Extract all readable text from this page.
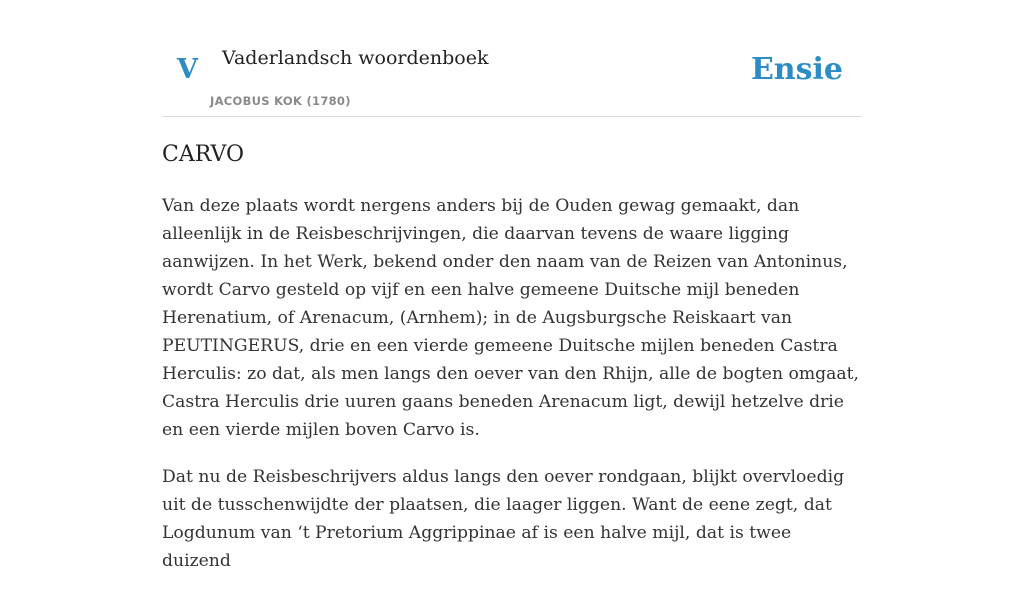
V Vaderlandsch woordenboek
JACOBUS KOK (1780)
Ensie
CARVO

Van deze plaats wordt nergens anders bij de Ouden gewag gemaakt, dan alleenlijk in de Reisbeschrijvingen, die daarvan tevens de waare ligging aanwijzen. In het Werk, bekend onder den naam van de Reizen van Antoninus, wordt Carvo gesteld op vijf en een halve gemeene Duitsche mijl beneden Herenatium, of Arenacum, (Arnhem); in de Augsburgsche Reiskaart van PEUTINGERUS, drie en een vierde gemeene Duitsche mijlen beneden Castra Herculis: zo dat, als men langs den oever van den Rhijn, alle de bogten omgaat, Castra Herculis drie uuren gaans beneden Arenacum ligt, dewijl hetzelve drie en een vierde mijlen boven Carvo is.

Dat nu de Reisbeschrijvers aldus langs den oever rondgaan, blijkt overvloedig uit de tusschenwijdte der plaatsen, die laager liggen. Want de eene zegt, dat Logdunum van ‘t Pretorium Aggrippinae af is een halve mijl, dat is twee duizend
